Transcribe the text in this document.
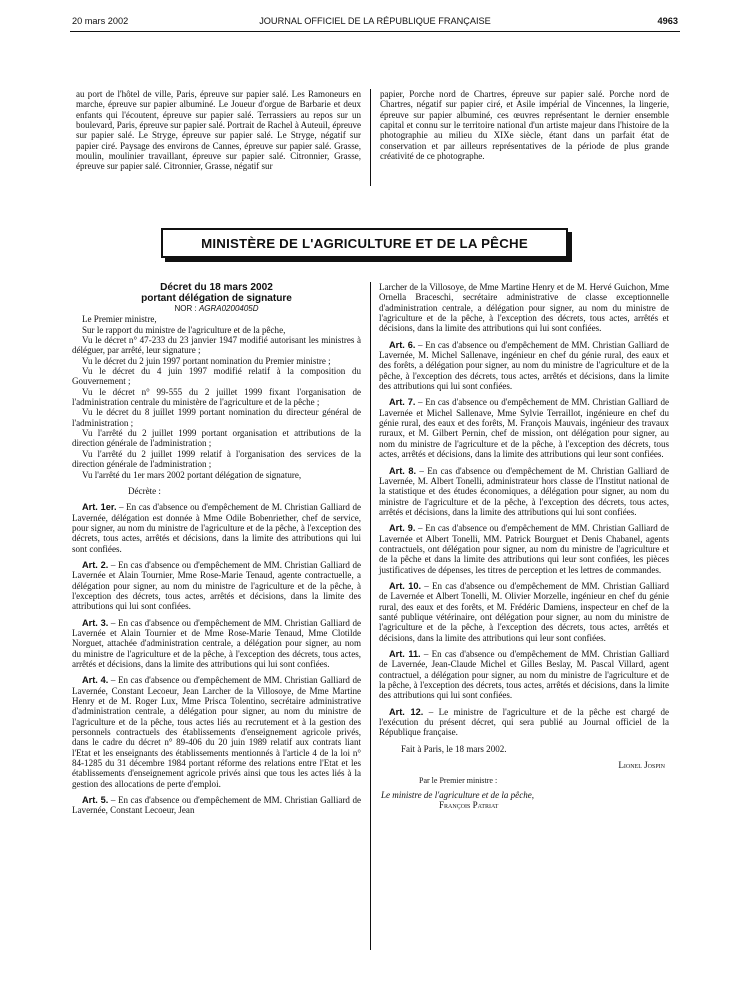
20 mars 2002	JOURNAL OFFICIEL DE LA RÉPUBLIQUE FRANÇAISE	4963

au port de l'hôtel de ville, Paris, épreuve sur papier salé. Les Ramoneurs en marche, épreuve sur papier albuminé. Le Joueur d'orgue de Barbarie et deux enfants qui l'écoutent, épreuve sur papier salé. Terrassiers au repos sur un boulevard, Paris, épreuve sur papier salé. Portrait de Rachel à Auteuil, épreuve sur papier salé. Le Stryge, épreuve sur papier salé. Le Stryge, négatif sur papier ciré. Paysage des environs de Cannes, épreuve sur papier salé. Grasse, moulin, moulinier travaillant, épreuve sur papier salé. Citronnier, Grasse, épreuve sur papier salé. Citronnier, Grasse, négatif sur

papier, Porche nord de Chartres, épreuve sur papier salé. Porche nord de Chartres, négatif sur papier ciré, et Asile impérial de Vincennes, la lingerie, épreuve sur papier albuminé, ces œuvres représentant le dernier ensemble capital et connu sur le territoire national d'un artiste majeur dans l'histoire de la photographie au milieu du XIXe siècle, étant dans un parfait état de conservation et par ailleurs représentatives de la période de plus grande créativité de ce photographe.

MINISTÈRE DE L'AGRICULTURE ET DE LA PÊCHE

Décret du 18 mars 2002

portant délégation de signature

NOR : AGRA0200405D

Le Premier ministre,

Sur le rapport du ministre de l'agriculture et de la pêche,

Vu le décret n° 47-233 du 23 janvier 1947 modifié autorisant les ministres à déléguer, par arrêté, leur signature ;

Vu le décret du 2 juin 1997 portant nomination du Premier ministre ;

Vu le décret du 4 juin 1997 modifié relatif à la composition du Gouvernement ;

Vu le décret n° 99-555 du 2 juillet 1999 fixant l'organisation de l'administration centrale du ministère de l'agriculture et de la pêche ;

Vu le décret du 8 juillet 1999 portant nomination du directeur général de l'administration ;

Vu l'arrêté du 2 juillet 1999 portant organisation et attributions de la direction générale de l'administration ;

Vu l'arrêté du 2 juillet 1999 relatif à l'organisation des services de la direction générale de l'administration ;

Vu l'arrêté du 1er mars 2002 portant délégation de signature,

Décrète :

Art. 1er. – En cas d'absence ou d'empêchement de M. Christian Galliard de Lavernée, délégation est donnée à Mme Odile Bobenriether, chef de service, pour signer, au nom du ministre de l'agriculture et de la pêche, à l'exception des décrets, tous actes, arrêtés et décisions, dans la limite des attributions qui lui sont confiées.

Art. 2. – En cas d'absence ou d'empêchement de MM. Christian Galliard de Lavernée et Alain Tournier, Mme Rose-Marie Tenaud, agente contractuelle, a délégation pour signer, au nom du ministre de l'agriculture et de la pêche, à l'exception des décrets, tous actes, arrêtés et décisions, dans la limite des attributions qui lui sont confiées.

Art. 3. – En cas d'absence ou d'empêchement de MM. Christian Galliard de Lavernée et Alain Tournier et de Mme Rose-Marie Tenaud, Mme Clotilde Norguet, attachée d'administration centrale, a délégation pour signer, au nom du ministre de l'agriculture et de la pêche, à l'exception des décrets, tous actes, arrêtés et décisions, dans la limite des attributions qui lui sont confiées.

Art. 4. – En cas d'absence ou d'empêchement de MM. Christian Galliard de Lavernée, Constant Lecoeur, Jean Larcher de la Villosoye, de Mme Martine Henry et de M. Roger Lux, Mme Prisca Tolentino, secrétaire administrative d'administration centrale, a délégation pour signer, au nom du ministre de l'agriculture et de la pêche, tous actes liés au recrutement et à la gestion des personnels contractuels des établissements d'enseignement agricole privés, dans le cadre du décret n° 89-406 du 20 juin 1989 relatif aux contrats liant l'Etat et les enseignants des établissements mentionnés à l'article 4 de la loi n° 84-1285 du 31 décembre 1984 portant réforme des relations entre l'Etat et les établissements d'enseignement agricole privés ainsi que tous les actes liés à la gestion des allocations de perte d'emploi.

Art. 5. – En cas d'absence ou d'empêchement de MM. Christian Galliard de Lavernée, Constant Lecoeur, Jean

Larcher de la Villosoye, de Mme Martine Henry et de M. Hervé Guichon, Mme Ornella Braceschi, secrétaire administrative de classe exceptionnelle d'administration centrale, a délégation pour signer, au nom du ministre de l'agriculture et de la pêche, à l'exception des décrets, tous actes, arrêtés et décisions, dans la limite des attributions qui lui sont confiées.

Art. 6. – En cas d'absence ou d'empêchement de MM. Christian Galliard de Lavernée, M. Michel Sallenave, ingénieur en chef du génie rural, des eaux et des forêts, a délégation pour signer, au nom du ministre de l'agriculture et de la pêche, à l'exception des décrets, tous actes, arrêtés et décisions, dans la limite des attributions qui lui sont confiées.

Art. 7. – En cas d'absence ou d'empêchement de MM. Christian Galliard de Lavernée et Michel Sallenave, Mme Sylvie Terraillot, ingénieure en chef du génie rural, des eaux et des forêts, M. François Mauvais, ingénieur des travaux ruraux, et M. Gilbert Pernin, chef de mission, ont délégation pour signer, au nom du ministre de l'agriculture et de la pêche, à l'exception des décrets, tous actes, arrêtés et décisions, dans la limite des attributions qui leur sont confiées.

Art. 8. – En cas d'absence ou d'empêchement de M. Christian Galliard de Lavernée, M. Albert Tonelli, administrateur hors classe de l'Institut national de la statistique et des études économiques, a délégation pour signer, au nom du ministre de l'agriculture et de la pêche, à l'exception des décrets, tous actes, arrêtés et décisions, dans la limite des attributions qui lui sont confiées.

Art. 9. – En cas d'absence ou d'empêchement de MM. Christian Galliard de Lavernée et Albert Tonelli, MM. Patrick Bourguet et Denis Chabanel, agents contractuels, ont délégation pour signer, au nom du ministre de l'agriculture et de la pêche et dans la limite des attributions qui leur sont confiées, les pièces justificatives de dépenses, les titres de perception et les lettres de commandes.

Art. 10. – En cas d'absence ou d'empêchement de MM. Christian Galliard de Lavernée et Albert Tonelli, M. Olivier Morzelle, ingénieur en chef du génie rural, des eaux et des forêts, et M. Frédéric Damiens, inspecteur en chef de la santé publique vétérinaire, ont délégation pour signer, au nom du ministre de l'agriculture et de la pêche, à l'exception des décrets, tous actes, arrêtés et décisions, dans la limite des attributions qui leur sont confiées.

Art. 11. – En cas d'absence ou d'empêchement de MM. Christian Galliard de Lavernée, Jean-Claude Michel et Gilles Beslay, M. Pascal Villard, agent contractuel, a délégation pour signer, au nom du ministre de l'agriculture et de la pêche, à l'exception des décrets, tous actes, arrêtés et décisions, dans la limite des attributions qui lui sont confiées.

Art. 12. – Le ministre de l'agriculture et de la pêche est chargé de l'exécution du présent décret, qui sera publié au Journal officiel de la République française.

Fait à Paris, le 18 mars 2002.

Lionel Jospin

Par le Premier ministre :

Le ministre de l'agriculture et de la pêche,

François Patriat
